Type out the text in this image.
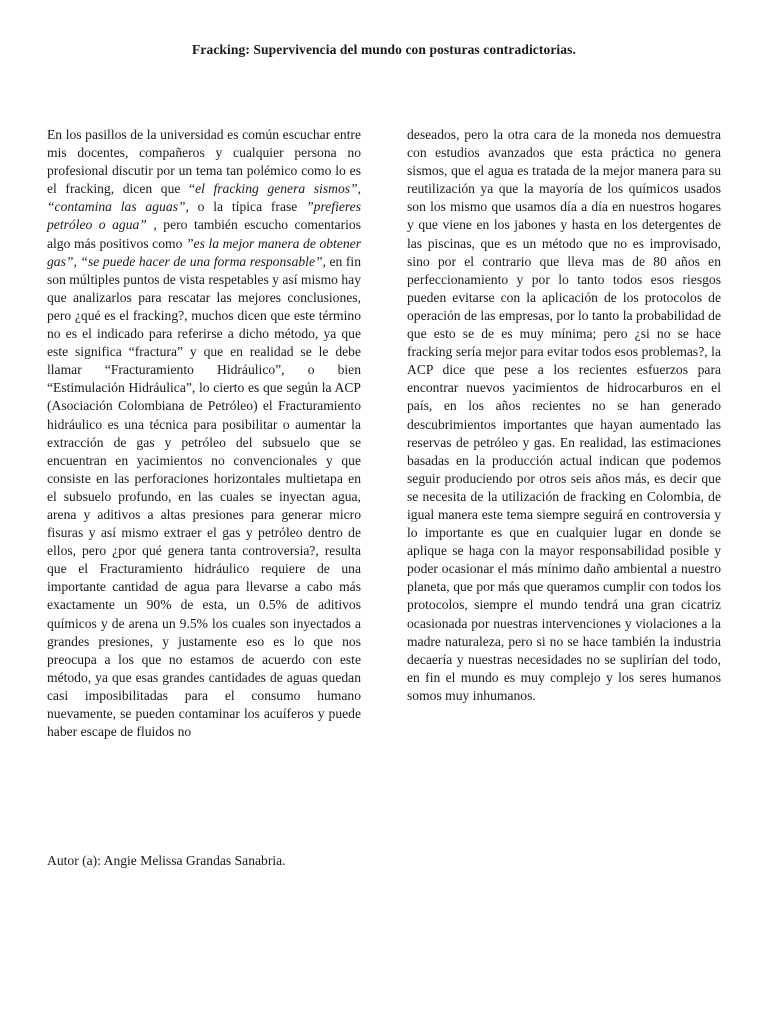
Fracking: Supervivencia del mundo con posturas contradictorias.

En los pasillos de la universidad es común escuchar entre mis docentes, compañeros y cualquier persona no profesional discutir por un tema tan polémico como lo es el fracking, dicen que “el fracking genera sismos”, “contamina las aguas”, o la típica frase ”prefieres petróleo o agua” , pero también escucho comentarios algo más positivos como ”es la mejor manera de obtener gas”, “se puede hacer de una forma responsable”, en fin son múltiples puntos de vista respetables y así mismo hay que analizarlos para rescatar las mejores conclusiones, pero ¿qué es el fracking?, muchos dicen que este término no es el indicado para referirse a dicho método, ya que este significa “fractura” y que en realidad se le debe llamar “Fracturamiento Hidráulico”, o bien “Estimulación Hidráulica”, lo cierto es que según la ACP (Asociación Colombiana de Petróleo) el Fracturamiento hidráulico es una técnica para posibilitar o aumentar la extracción de gas y petróleo del subsuelo que se encuentran en yacimientos no convencionales y que consiste en las perforaciones horizontales multietapa en el subsuelo profundo, en las cuales se inyectan agua, arena y aditivos a altas presiones para generar micro fisuras y así mismo extraer el gas y petróleo dentro de ellos, pero ¿por qué genera tanta controversia?, resulta que el Fracturamiento hidráulico requiere de una importante cantidad de agua para llevarse a cabo más exactamente un 90% de esta, un 0.5% de aditivos químicos y de arena un 9.5% los cuales son inyectados a grandes presiones, y justamente eso es lo que nos preocupa a los que no estamos de acuerdo con este método, ya que esas grandes cantidades de aguas quedan casi imposibilitadas para el consumo humano nuevamente, se pueden contaminar los acuíferos y puede haber escape de fluidos no

deseados, pero la otra cara de la moneda nos demuestra con estudios avanzados que esta práctica no genera sismos, que el agua es tratada de la mejor manera para su reutilización ya que la mayoría de los químicos usados son los mismo que usamos día a día en nuestros hogares y que viene en los jabones y hasta en los detergentes de las piscinas, que es un método que no es improvisado, sino por el contrario que lleva mas de 80 años en perfeccionamiento y por lo tanto todos esos riesgos pueden evitarse con la aplicación de los protocolos de operación de las empresas, por lo tanto la probabilidad de que esto se de es muy mínima; pero ¿si no se hace fracking sería mejor para evitar todos esos problemas?, la ACP dice que pese a los recientes esfuerzos para encontrar nuevos yacimientos de hidrocarburos en el país, en los años recientes no se han generado descubrimientos importantes que hayan aumentado las reservas de petróleo y gas. En realidad, las estimaciones basadas en la producción actual indican que podemos seguir produciendo por otros seis años más, es decir que se necesita de la utilización de fracking en Colombia, de igual manera este tema siempre seguirá en controversia y lo importante es que en cualquier lugar en donde se aplique se haga con la mayor responsabilidad posible y poder ocasionar el más mínimo daño ambiental a nuestro planeta, que por más que queramos cumplir con todos los protocolos, siempre el mundo tendrá una gran cicatriz ocasionada por nuestras intervenciones y violaciones a la madre naturaleza, pero si no se hace también la industria decaería y nuestras necesidades no se suplirían del todo, en fin el mundo es muy complejo y los seres humanos somos muy inhumanos.

Autor (a): Angie Melissa Grandas Sanabria.
